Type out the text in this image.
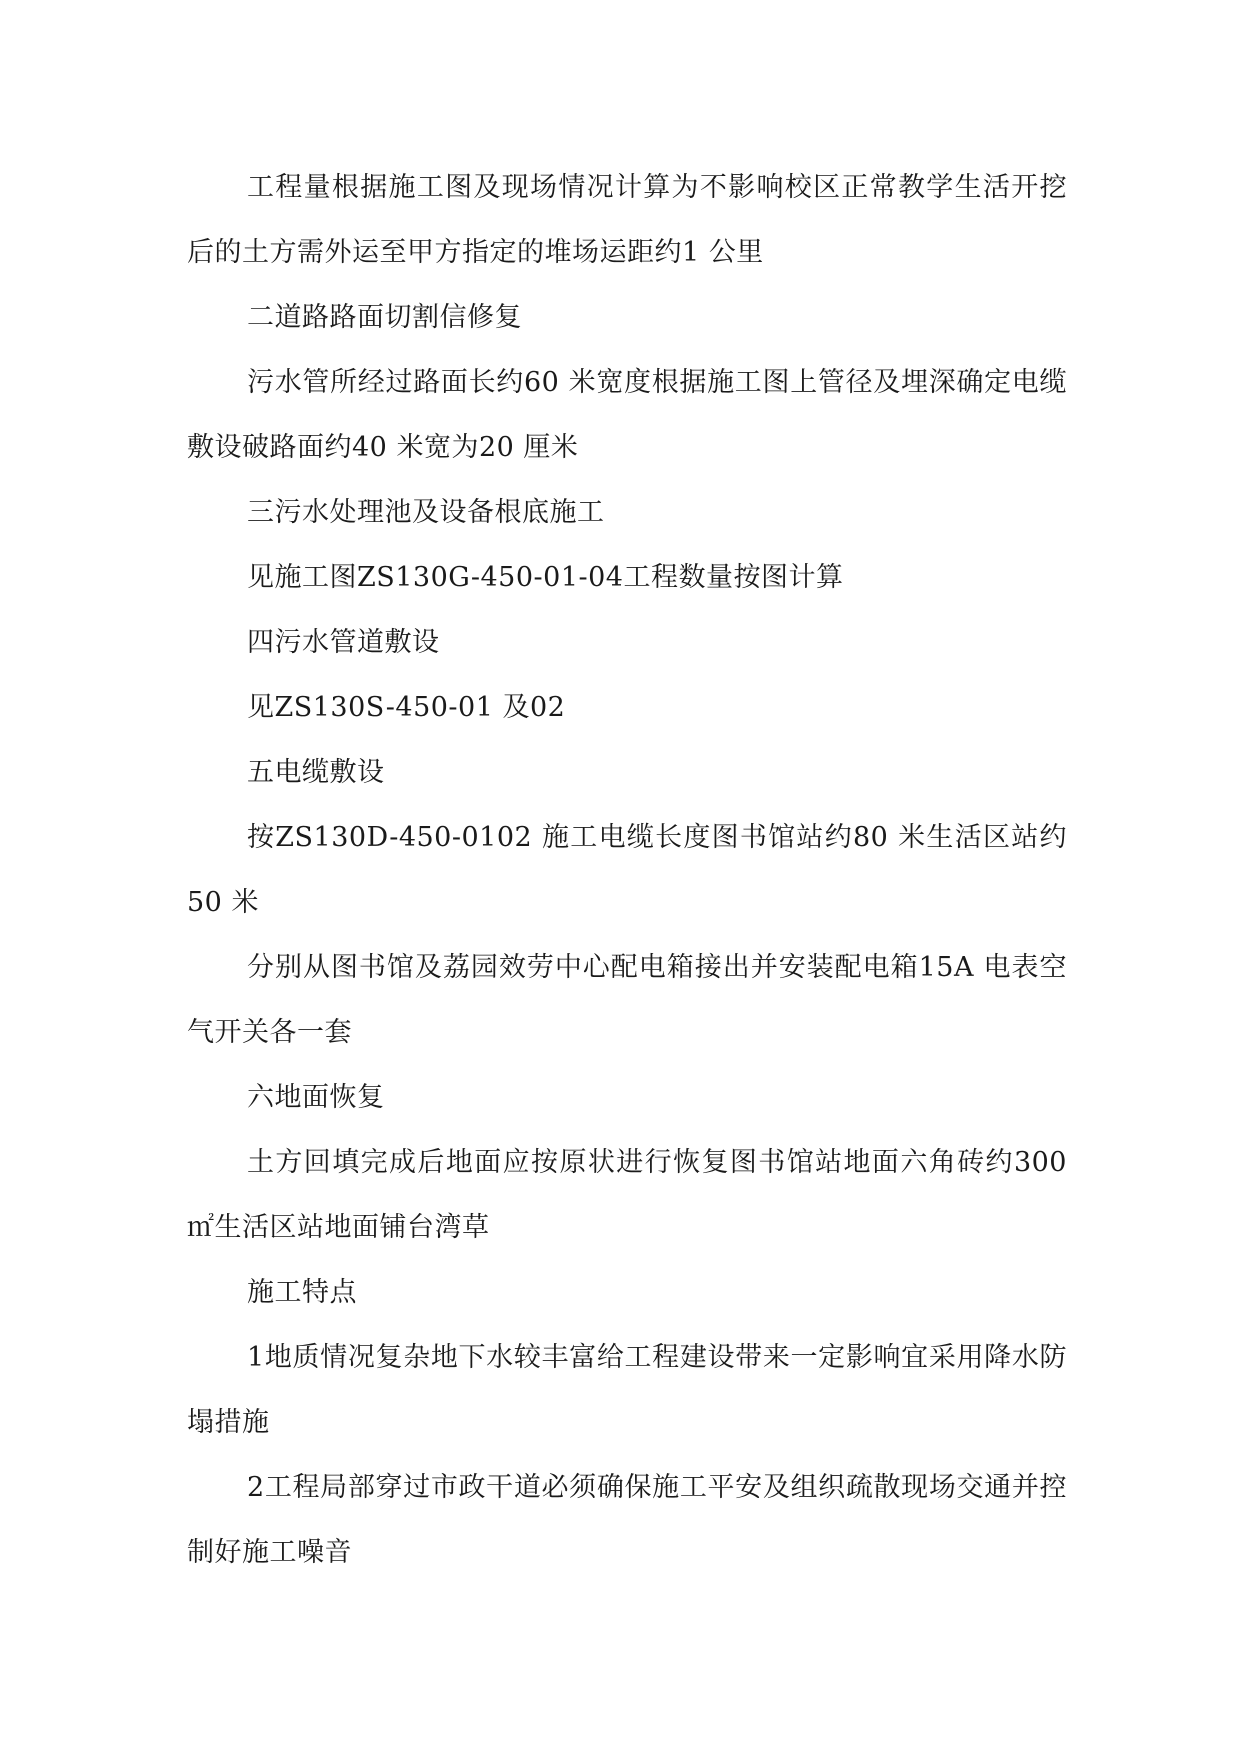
工程量根据施工图及现场情况计算为不影响校区正常教学生活开挖后的土方需外运至甲方指定的堆场运距约1 公里

二道路路面切割信修复

污水管所经过路面长约60 米宽度根据施工图上管径及埋深确定电缆敷设破路面约40 米宽为20 厘米

三污水处理池及设备根底施工

见施工图ZS130G-450-01-04工程数量按图计算

四污水管道敷设

见ZS130S-450-01 及02

五电缆敷设

按ZS130D-450-0102 施工电缆长度图书馆站约80 米生活区站约50 米

分别从图书馆及荔园效劳中心配电箱接出并安装配电箱15A 电表空气开关各一套

六地面恢复

土方回填完成后地面应按原状进行恢复图书馆站地面六角砖约300㎡生活区站地面铺台湾草

施工特点

1地质情况复杂地下水较丰富给工程建设带来一定影响宜采用降水防塌措施

2工程局部穿过市政干道必须确保施工平安及组织疏散现场交通并控制好施工噪音
